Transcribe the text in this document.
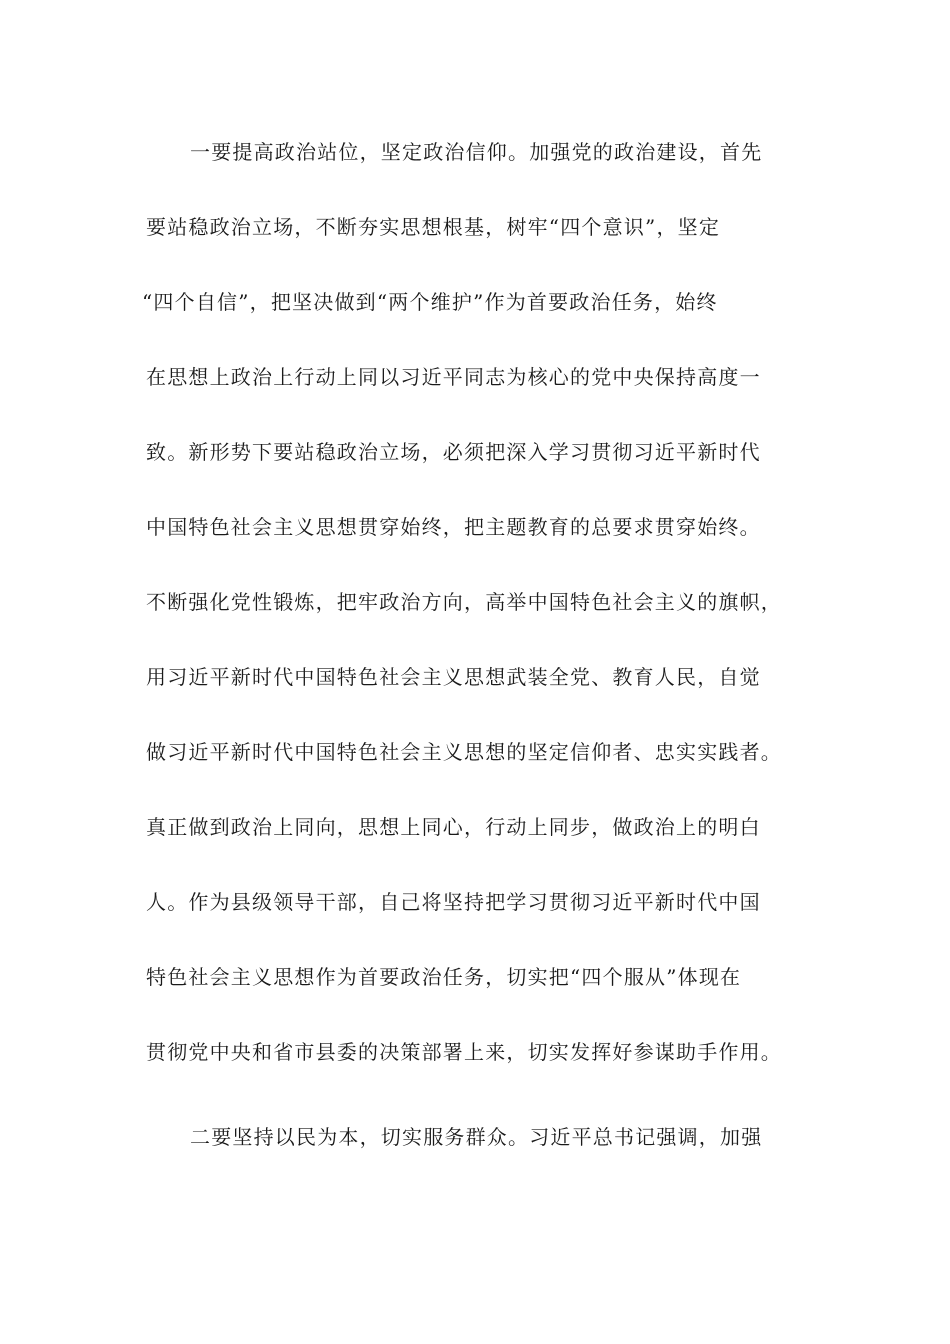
一要提高政治站位，坚定政治信仰。加强党的政治建设，首先
要站稳政治立场，不断夯实思想根基，树牢“四个意识”，坚定
“四个自信”，把坚决做到“两个维护”作为首要政治任务，始终
在思想上政治上行动上同以习近平同志为核心的党中央保持高度一
致。新形势下要站稳政治立场，必须把深入学习贯彻习近平新时代
中国特色社会主义思想贯穿始终，把主题教育的总要求贯穿始终。
不断强化党性锻炼，把牢政治方向，高举中国特色社会主义的旗帜，
用习近平新时代中国特色社会主义思想武装全党、教育人民，自觉
做习近平新时代中国特色社会主义思想的坚定信仰者、忠实实践者。
真正做到政治上同向，思想上同心，行动上同步，做政治上的明白
人。作为县级领导干部，自己将坚持把学习贯彻习近平新时代中国
特色社会主义思想作为首要政治任务，切实把“四个服从”体现在
贯彻党中央和省市县委的决策部署上来，切实发挥好参谋助手作用。
二要坚持以民为本，切实服务群众。习近平总书记强调，加强
